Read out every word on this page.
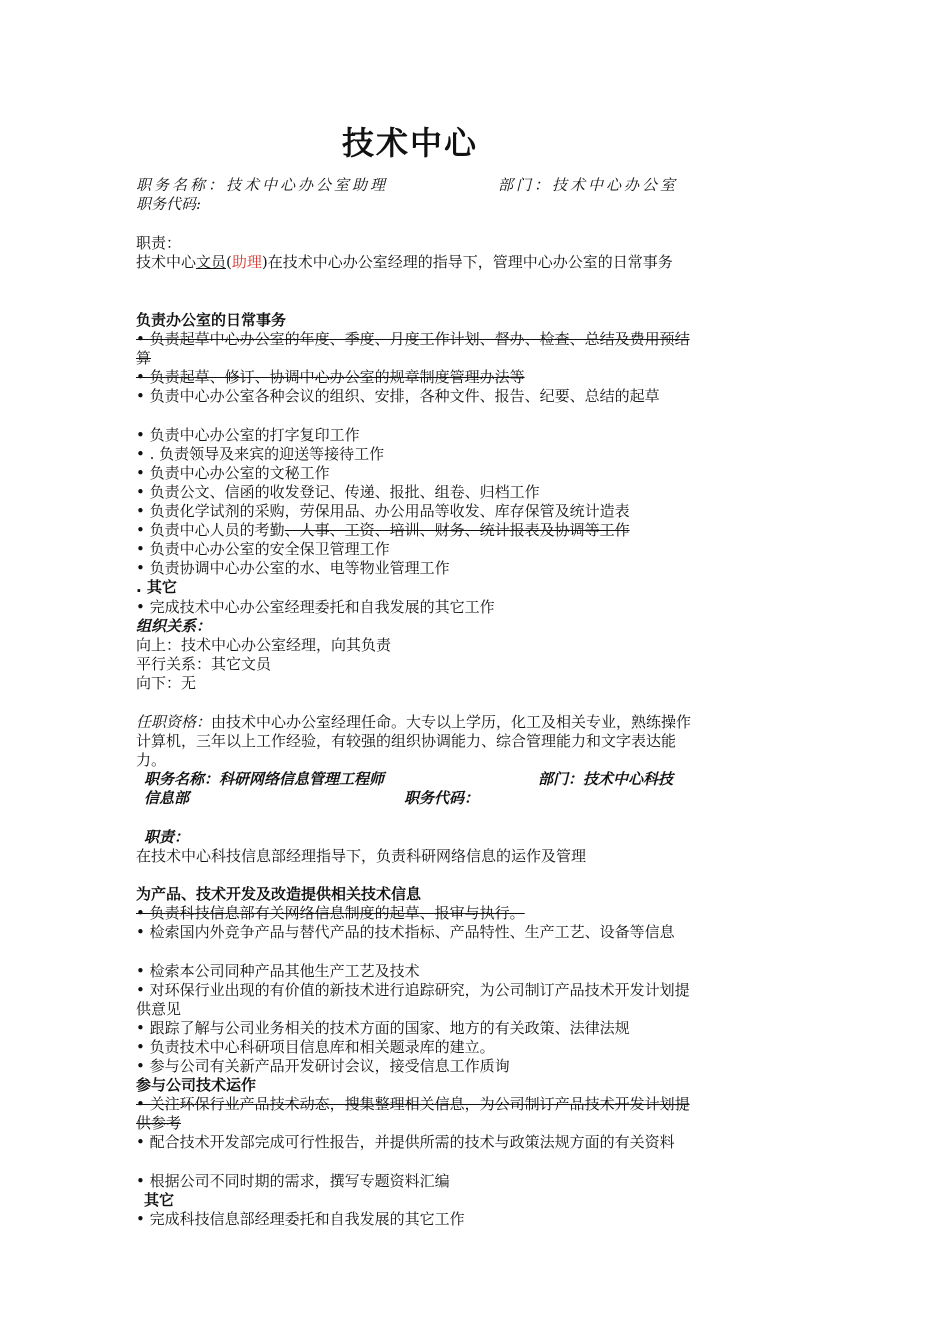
技术中心
职务名称：技术中心办公室助理	部门：技术中心办公室
职务代码:
职责：
技术中心文员(助理)在技术中心办公室经理的指导下，管理中心办公室的日常事务
负责办公室的日常事务
• 负责起草中心办公室的年度、季度、月度工作计划、督办、检查、总结及费用预结算
• 负责起草、修订、协调中心办公室的规章制度管理办法等
• 负责中心办公室各种会议的组织、安排，各种文件、报告、纪要、总结的起草
• 负责中心办公室的打字复印工作
• . 负责领导及来宾的迎送等接待工作
• 负责中心办公室的文秘工作
• 负责公文、信函的收发登记、传递、报批、组卷、归档工作
• 负责化学试剂的采购，劳保用品、办公用品等收发、库存保管及统计造表
• 负责中心人员的考勤、人事、工资、培训、财务、统计报表及协调等工作
• 负责中心办公室的安全保卫管理工作
• 负责协调中心办公室的水、电等物业管理工作
. 其它
• 完成技术中心办公室经理委托和自我发展的其它工作
组织关系：
向上：技术中心办公室经理，向其负责
平行关系：其它文员
向下：无
任职资格：由技术中心办公室经理任命。大专以上学历，化工及相关专业，熟练操作计算机，三年以上工作经验，有较强的组织协调能力、综合管理能力和文字表达能力。
职务名称：科研网络信息管理工程师	部门：技术中心科技
信息部	职务代码：
职责：
在技术中心科技信息部经理指导下，负责科研网络信息的运作及管理
为产品、技术开发及改造提供相关技术信息
• 负责科技信息部有关网络信息制度的起草、报审与执行。
• 检索国内外竞争产品与替代产品的技术指标、产品特性、生产工艺、设备等信息
• 检索本公司同种产品其他生产工艺及技术
• 对环保行业出现的有价值的新技术进行追踪研究，为公司制订产品技术开发计划提供意见
• 跟踪了解与公司业务相关的技术方面的国家、地方的有关政策、法律法规
• 负责技术中心科研项目信息库和相关题录库的建立。
• 参与公司有关新产品开发研讨会议，接受信息工作质询
参与公司技术运作
• 关注环保行业产品技术动态，搜集整理相关信息，为公司制订产品技术开发计划提供参考
• 配合技术开发部完成可行性报告，并提供所需的技术与政策法规方面的有关资料
• 根据公司不同时期的需求，撰写专题资料汇编
其它
• 完成科技信息部经理委托和自我发展的其它工作
